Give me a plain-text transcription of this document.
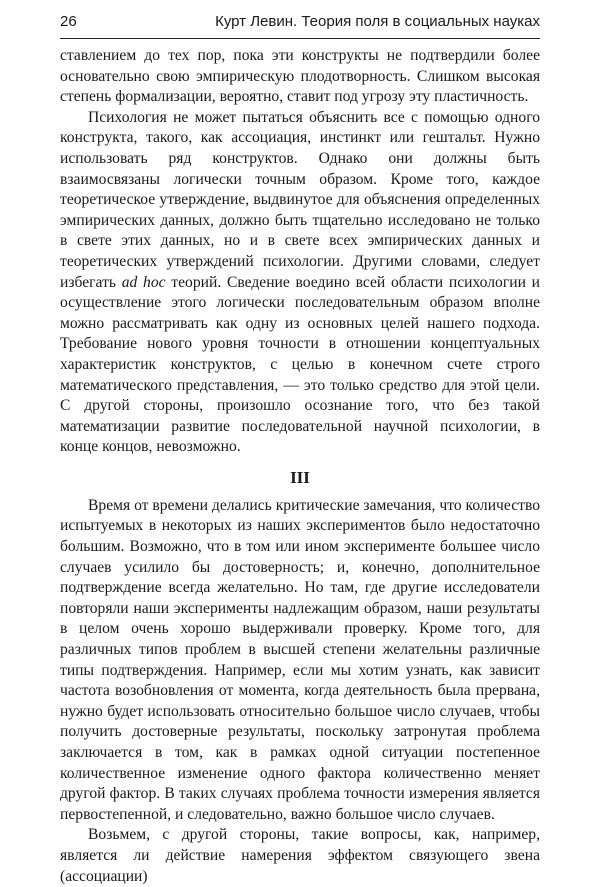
26	Курт Левин. Теория поля в социальных науках

ставлением до тех пор, пока эти конструкты не подтвердили более основательно свою эмпирическую плодотворность. Слишком высокая степень формализации, вероятно, ставит под угрозу эту пластичность.

Психология не может пытаться объяснить все с помощью одного конструкта, такого, как ассоциация, инстинкт или гештальт. Нужно использовать ряд конструктов. Однако они должны быть взаимосвязаны логически точным образом. Кроме того, каждое теоретическое утверждение, выдвинутое для объяснения определенных эмпирических данных, должно быть тщательно исследовано не только в свете этих данных, но и в свете всех эмпирических данных и теоретических утверждений психологии. Другими словами, следует избегать ad hoc теорий. Сведение воедино всей области психологии и осуществление этого логически последовательным образом вполне можно рассматривать как одну из основных целей нашего подхода. Требование нового уровня точности в отношении концептуальных характеристик конструктов, с целью в конечном счете строго математического представления, — это только средство для этой цели. С другой стороны, произошло осознание того, что без такой математизации развитие последовательной научной психологии, в конце концов, невозможно.

III

Время от времени делались критические замечания, что количество испытуемых в некоторых из наших экспериментов было недостаточно большим. Возможно, что в том или ином эксперименте большее число случаев усилило бы достоверность; и, конечно, дополнительное подтверждение всегда желательно. Но там, где другие исследователи повторяли наши эксперименты надлежащим образом, наши результаты в целом очень хорошо выдерживали проверку. Кроме того, для различных типов проблем в высшей степени желательны различные типы подтверждения. Например, если мы хотим узнать, как зависит частота возобновления от момента, когда деятельность была прервана, нужно будет использовать относительно большое число случаев, чтобы получить достоверные результаты, поскольку затронутая проблема заключается в том, как в рамках одной ситуации постепенное количественное изменение одного фактора количественно меняет другой фактор. В таких случаях проблема точности измерения является первостепенной, и следовательно, важно большое число случаев.

Возьмем, с другой стороны, такие вопросы, как, например, является ли действие намерения эффектом связующего звена (ассоциации)
